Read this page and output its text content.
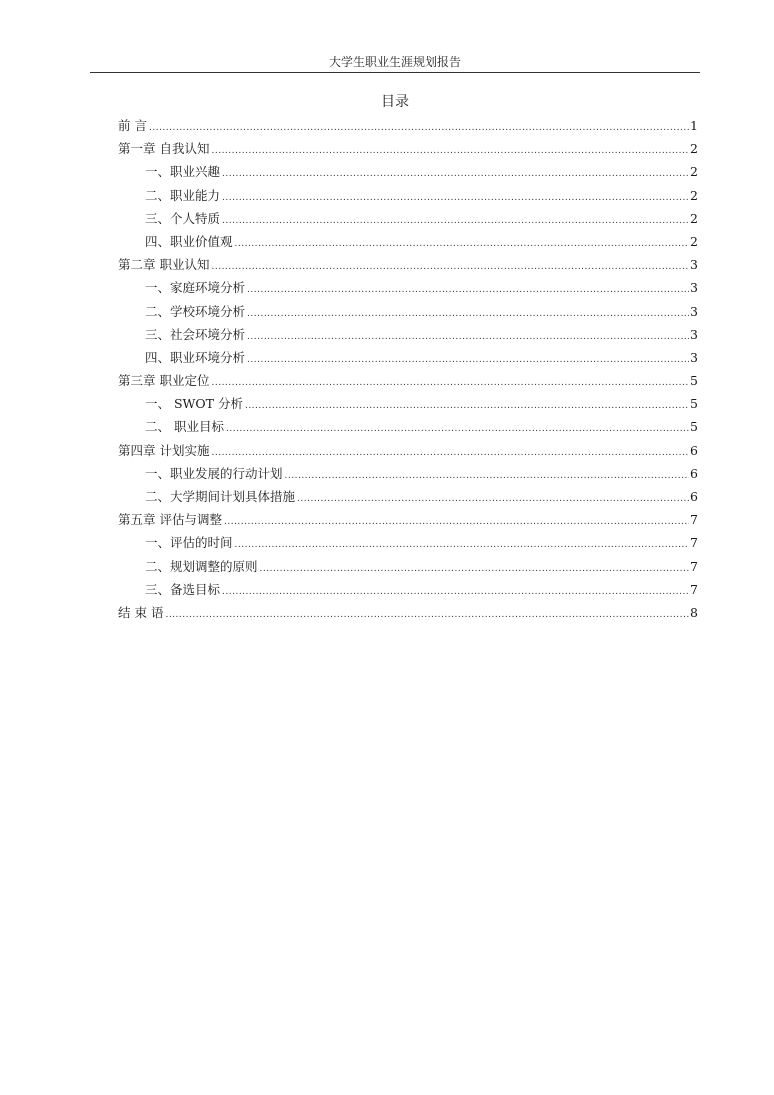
大学生职业生涯规划报告
目录
前 言 .....	1
第一章 自我认知 .....	2
一、职业兴趣 .....	2
二、职业能力 .....	2
三、个人特质 .....	2
四、职业价值观 .....	2
第二章 职业认知 .....	3
一、家庭环境分析 .....	3
二、学校环境分析 .....	3
三、社会环境分析 .....	3
四、职业环境分析 .....	3
第三章 职业定位 .....	5
一、 SWOT 分析 .....	5
二、 职业目标 .....	5
第四章 计划实施 .....	6
一、职业发展的行动计划 .....	6
二、大学期间计划具体措施 .....	6
第五章 评估与调整 .....	7
一、评估的时间 .....	7
二、规划调整的原则 .....	7
三、备选目标 .....	7
结 束 语 .....	8
